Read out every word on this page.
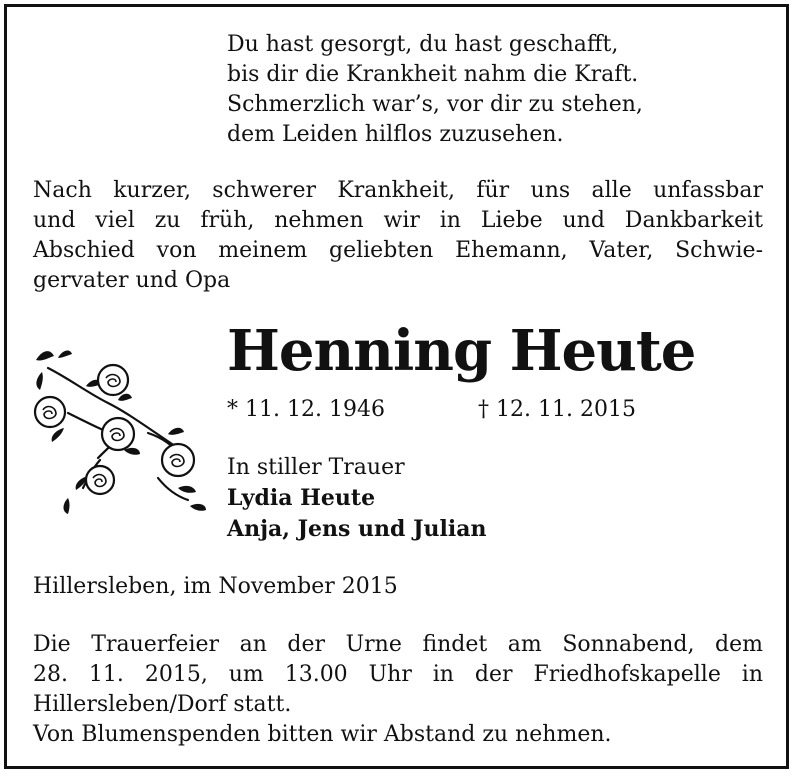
Du hast gesorgt, du hast geschafft,
bis dir die Krankheit nahm die Kraft.
Schmerzlich war’s, vor dir zu stehen,
dem Leiden hilflos zuzusehen.
Nach kurzer, schwerer Krankheit, für uns alle unfassbar
und viel zu früh, nehmen wir in Liebe und Dankbarkeit
Abschied von meinem geliebten Ehemann, Vater, Schwie-
gervater und Opa
Henning Heute
* 11. 12. 1946	† 12. 11. 2015
In stiller Trauer
Lydia Heute
Anja, Jens und Julian
Hillersleben, im November 2015
Die Trauerfeier an der Urne findet am Sonnabend, dem
28. 11. 2015, um 13.00 Uhr in der Friedhofskapelle in
Hillersleben/Dorf statt.
Von Blumenspenden bitten wir Abstand zu nehmen.
